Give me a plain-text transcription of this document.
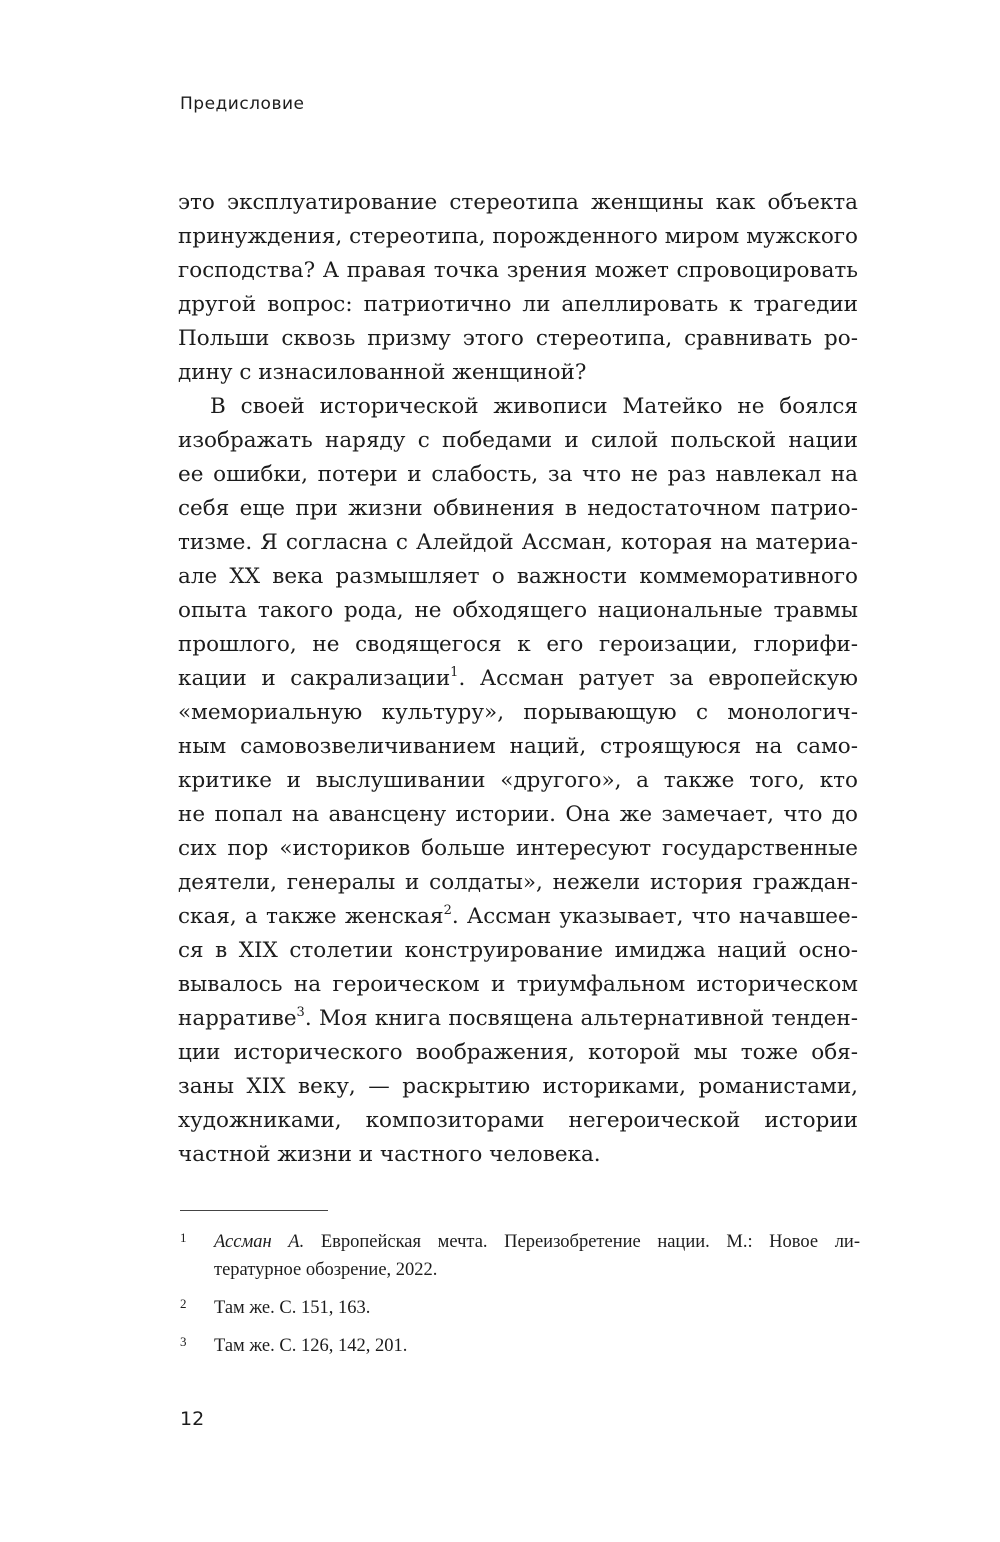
Предисловие
это эксплуатирование стереотипа женщины как объекта
принуждения, стереотипа, порожденного миром мужского
господства? А правая точка зрения может спровоцировать
другой вопрос: патриотично ли апеллировать к трагедии
Польши сквозь призму этого стереотипа, сравнивать ро-
дину с изнасилованной женщиной?
В своей исторической живописи Матейко не боялся
изображать наряду с победами и силой польской нации
ее ошибки, потери и слабость, за что не раз навлекал на
себя еще при жизни обвинения в недостаточном патрио-
тизме. Я согласна с Алейдой Ассман, которая на материа-
але XX века размышляет о важности коммеморативного
опыта такого рода, не обходящего национальные травмы
прошлого, не сводящегося к его героизации, глорифи-
кации и сакрализации$^1$. Ассман ратует за европейскую
«мемориальную культуру», порывающую с монологич-
ным самовозвеличиванием наций, строящуюся на само-
критике и выслушивании «другого», а также того, кто
не попал на авансцену истории. Она же замечает, что до
сих пор «историков больше интересуют государственные
деятели, генералы и солдаты», нежели история граждан-
ская, а также женская$^2$. Ассман указывает, что начавшее-
ся в XIX столетии конструирование имиджа наций осно-
вывалось на героическом и триумфальном историческом
нарративе$^3$. Моя книга посвящена альтернативной тенден-
ции исторического воображения, которой мы тоже обя-
заны XIX веку, — раскрытию историками, романистами,
художниками, композиторами негероической истории
частной жизни и частного человека.
1 Ассман А. Европейская мечта. Переизобретение нации. М.: Новое ли-
тературное обозрение, 2022.
2 Там же. С. 151, 163.
3 Там же. С. 126, 142, 201.
12
